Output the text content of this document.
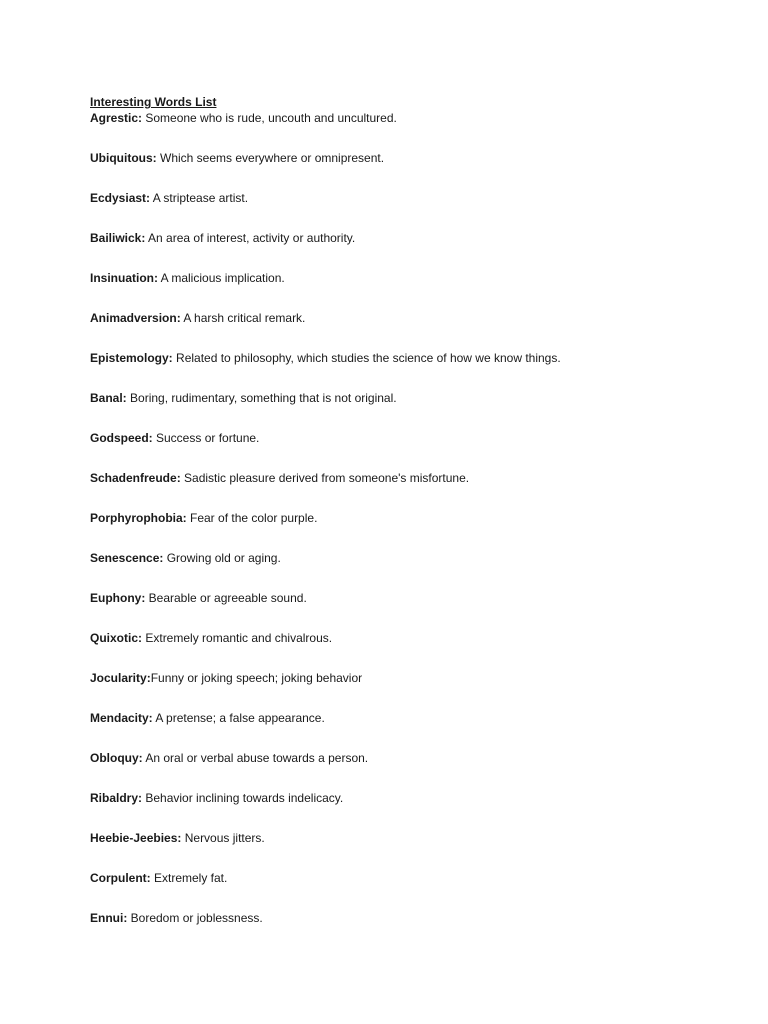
Interesting Words List
Agrestic: Someone who is rude, uncouth and uncultured.
Ubiquitous: Which seems everywhere or omnipresent.
Ecdysiast: A striptease artist.
Bailiwick: An area of interest, activity or authority.
Insinuation: A malicious implication.
Animadversion: A harsh critical remark.
Epistemology: Related to philosophy, which studies the science of how we know things.
Banal: Boring, rudimentary, something that is not original.
Godspeed: Success or fortune.
Schadenfreude: Sadistic pleasure derived from someone's misfortune.
Porphyrophobia: Fear of the color purple.
Senescence: Growing old or aging.
Euphony: Bearable or agreeable sound.
Quixotic: Extremely romantic and chivalrous.
Jocularity:Funny or joking speech; joking behavior
Mendacity: A pretense; a false appearance.
Obloquy: An oral or verbal abuse towards a person.
Ribaldry: Behavior inclining towards indelicacy.
Heebie-Jeebies: Nervous jitters.
Corpulent: Extremely fat.
Ennui: Boredom or joblessness.
